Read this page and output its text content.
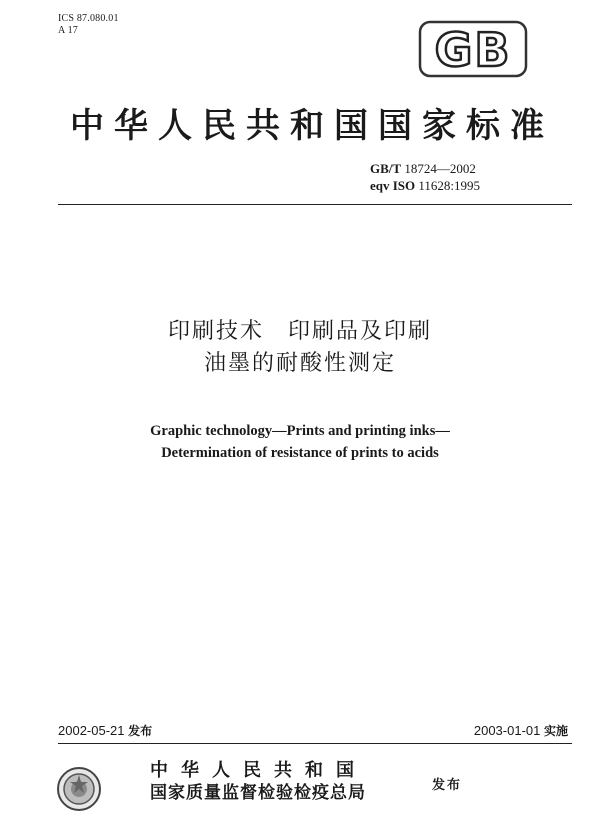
ICS 87.080.01
A 17	GB
中华人民共和国国家标准
GB/T 18724—2002
eqv ISO 11628:1995
印刷技术　印刷品及印刷
油墨的耐酸性测定
Graphic technology—Prints and printing inks—
Determination of resistance of prints to acids
2002-05-21 发布	2003-01-01 实施
中华人民共和国
国家质量监督检验检疫总局	发布
